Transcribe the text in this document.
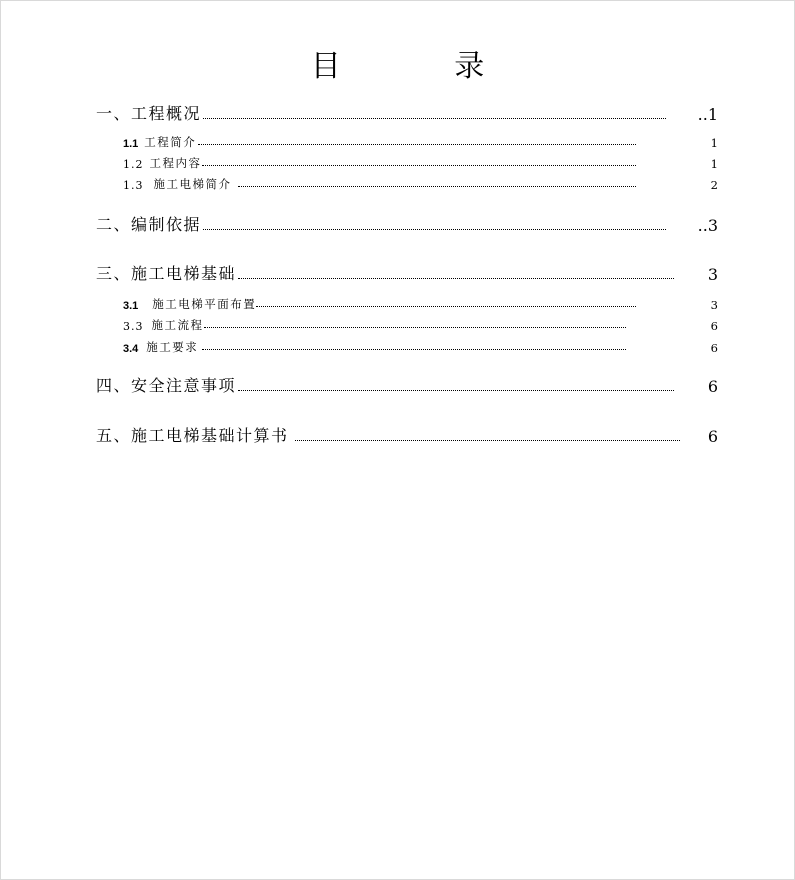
目 录
一、工程概况	..1
1.1 工程简介	1
1.2 工程内容	1
1.3 施工电梯简介	2
二、编制依据	..3
三、施工电梯基础	3
3.1 施工电梯平面布置	3
3.3 施工流程	6
3.4 施工要求	6
四、安全注意事项	6
五、施工电梯基础计算书	6
